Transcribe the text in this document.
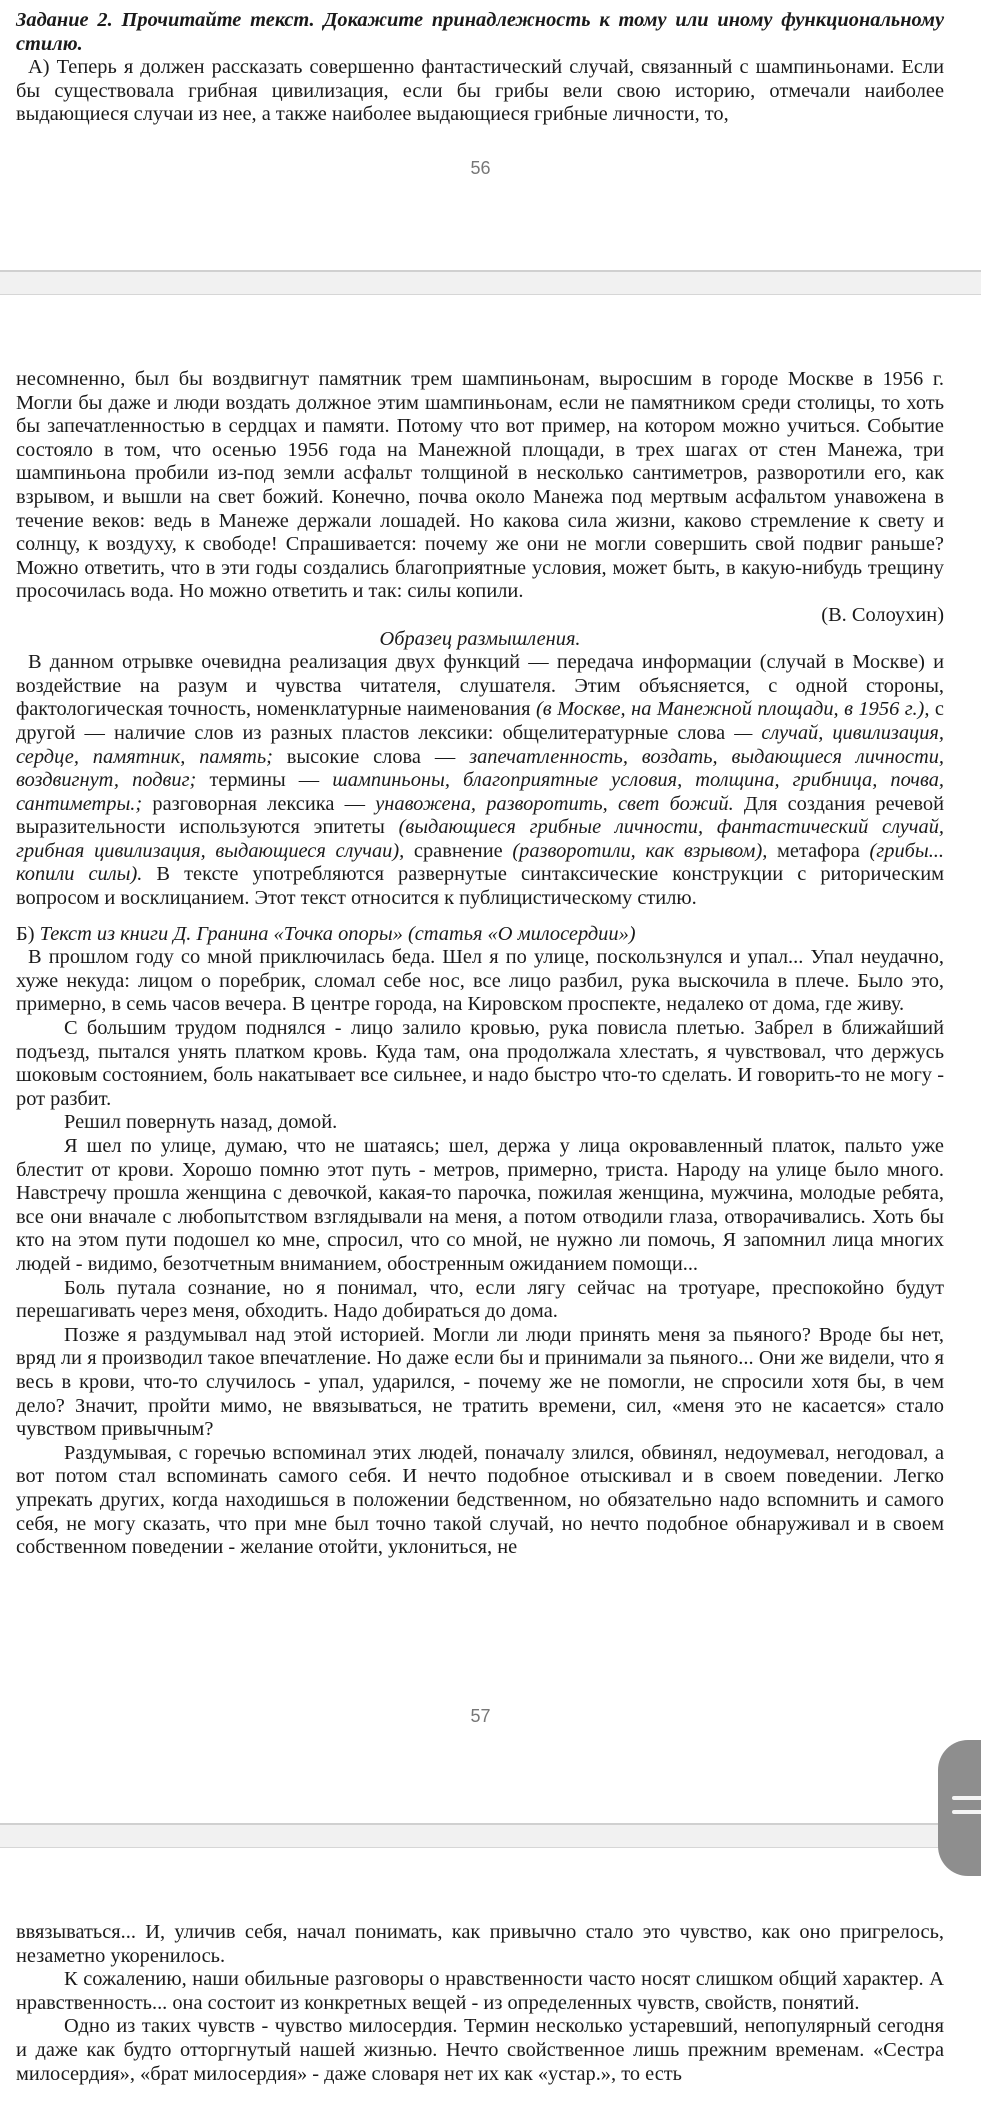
Задание 2. Прочитайте текст. Докажите принадлежность к тому или иному функциональному стилю.

А) Теперь я должен рассказать совершенно фантастический случай, связанный с шампиньонами. Если бы существовала грибная цивилизация, если бы грибы вели свою историю, отмечали наиболее выдающиеся случаи из нее, а также наиболее выдающиеся грибные личности, то,

56

несомненно, был бы воздвигнут памятник трем шампиньонам, выросшим в городе Москве в 1956 г. Могли бы даже и люди воздать должное этим шампиньонам, если не памятником среди столицы, то хоть бы запечатленностью в сердцах и памяти. Потому что вот пример, на котором можно учиться. Событие состояло в том, что осенью 1956 года на Манежной площади, в трех шагах от стен Манежа, три шампиньона пробили из-под земли асфальт толщиной в несколько сантиметров, разворотили его, как взрывом, и вышли на свет божий. Конечно, почва около Манежа под мертвым асфальтом унавожена в течение веков: ведь в Манеже держали лошадей. Но какова сила жизни, каково стремление к свету и солнцу, к воздуху, к свободе! Спрашивается: почему же они не могли совершить свой подвиг раньше? Можно ответить, что в эти годы создались благоприятные условия, может быть, в какую-нибудь трещину просочилась вода. Но можно ответить и так: силы копили.

(В. Солоухин)

Образец размышления.

В данном отрывке очевидна реализация двух функций — передача информации (случай в Москве) и воздействие на разум и чувства читателя, слушателя. Этим объясняется, с одной стороны, фактологическая точность, номенклатурные наименования (в Москве, на Манежной площади, в 1956 г.), с другой — наличие слов из разных пластов лексики: общелитературные слова — случай, цивилизация, сердце, памятник, память; высокие слова — запечатленность, воздать, выдающиеся личности, воздвигнут, подвиг; термины — шампиньоны, благоприятные условия, толщина, грибница, почва, сантиметры.; разговорная лексика — унавожена, разворотить, свет божий. Для создания речевой выразительности используются эпитеты (выдающиеся грибные личности, фантастический случай, грибная цивилизация, выдающиеся случаи), сравнение (разворотили, как взрывом), метафора (грибы... копили силы). В тексте употребляются развернутые синтаксические конструкции с риторическим вопросом и восклицанием. Этот текст относится к публицистическому стилю.

Б) Текст из книги Д. Гранина «Точка опоры» (статья «О милосердии»)

В прошлом году со мной приключилась беда. Шел я по улице, поскользнулся и упал... Упал неудачно, хуже некуда: лицом о поребрик, сломал себе нос, все лицо разбил, рука выскочила в плече. Было это, примерно, в семь часов вечера. В центре города, на Кировском проспекте, недалеко от дома, где живу.

С большим трудом поднялся - лицо залило кровью, рука повисла плетью. Забрел в ближайший подъезд, пытался унять платком кровь. Куда там, она продолжала хлестать, я чувствовал, что держусь шоковым состоянием, боль накатывает все сильнее, и надо быстро что-то сделать. И говорить-то не могу - рот разбит.

Решил повернуть назад, домой.

Я шел по улице, думаю, что не шатаясь; шел, держа у лица окровавленный платок, пальто уже блестит от крови. Хорошо помню этот путь - метров, примерно, триста. Народу на улице было много. Навстречу прошла женщина с девочкой, какая-то парочка, пожилая женщина, мужчина, молодые ребята, все они вначале с любопытством взглядывали на меня, а потом отводили глаза, отворачивались. Хоть бы кто на этом пути подошел ко мне, спросил, что со мной, не нужно ли помочь, Я запомнил лица многих людей - видимо, безотчетным вниманием, обостренным ожиданием помощи...

Боль путала сознание, но я понимал, что, если лягу сейчас на тротуаре, преспокойно будут перешагивать через меня, обходить. Надо добираться до дома.

Позже я раздумывал над этой историей. Могли ли люди принять меня за пьяного? Вроде бы нет, вряд ли я производил такое впечатление. Но даже если бы и принимали за пьяного... Они же видели, что я весь в крови, что-то случилось - упал, ударился, - почему же не помогли, не спросили хотя бы, в чем дело? Значит, пройти мимо, не ввязываться, не тратить времени, сил, «меня это не касается» стало чувством привычным?

Раздумывая, с горечью вспоминал этих людей, поначалу злился, обвинял, недоумевал, негодовал, а вот потом стал вспоминать самого себя. И нечто подобное отыскивал и в своем поведении. Легко упрекать других, когда находишься в положении бедственном, но обязательно надо вспомнить и самого себя, не могу сказать, что при мне был точно такой случай, но нечто подобное обнаруживал и в своем собственном поведении - желание отойти, уклониться, не

57

ввязываться... И, уличив себя, начал понимать, как привычно стало это чувство, как оно пригрелось, незаметно укоренилось.

К сожалению, наши обильные разговоры о нравственности часто носят слишком общий характер. А нравственность... она состоит из конкретных вещей - из определенных чувств, свойств, понятий.

Одно из таких чувств - чувство милосердия. Термин несколько устаревший, непопулярный сегодня и даже как будто отторгнутый нашей жизнью. Нечто свойственное лишь прежним временам. «Сестра милосердия», «брат милосердия» - даже словаря нет их как «устар.», то есть
